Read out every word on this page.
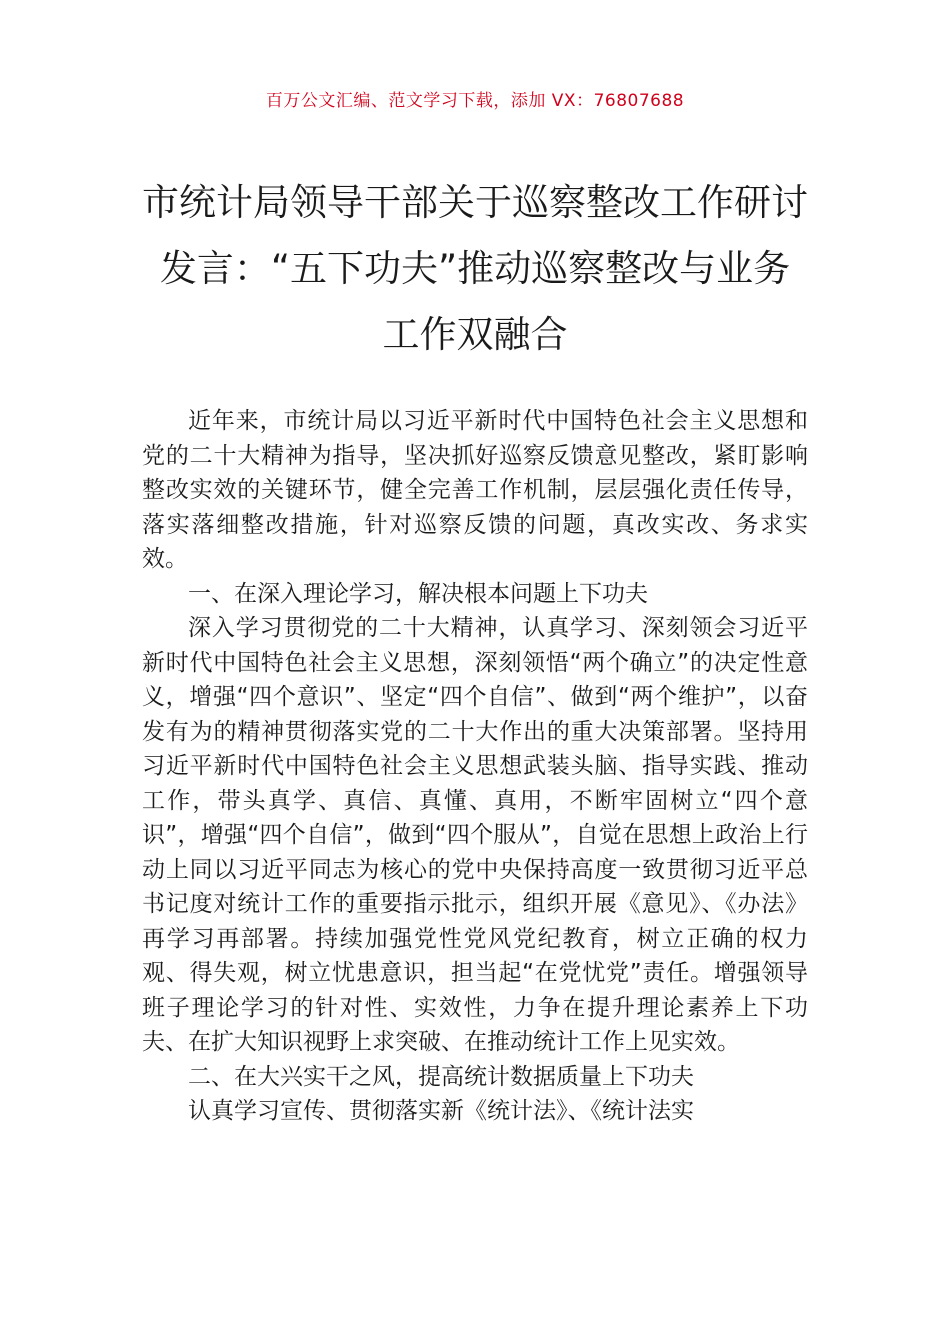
百万公文汇编、范文学习下载，添加 VX：76807688
市统计局领导干部关于巡察整改工作研讨
发言：“五下功夫”推动巡察整改与业务
工作双融合

近年来，市统计局以习近平新时代中国特色社会主义思想和党的二十大精神为指导，坚决抓好巡察反馈意见整改，紧盯影响整改实效的关键环节，健全完善工作机制，层层强化责任传导，落实落细整改措施，针对巡察反馈的问题，真改实改、务求实效。

一、在深入理论学习，解决根本问题上下功夫

深入学习贯彻党的二十大精神，认真学习、深刻领会习近平新时代中国特色社会主义思想，深刻领悟“两个确立”的决定性意义，增强“四个意识”、坚定“四个自信”、做到“两个维护”，以奋发有为的精神贯彻落实党的二十大作出的重大决策部署。坚持用习近平新时代中国特色社会主义思想武装头脑、指导实践、推动工作，带头真学、真信、真懂、真用，不断牢固树立“四个意识”，增强“四个自信”，做到“四个服从”，自觉在思想上政治上行动上同以习近平同志为核心的党中央保持高度一致贯彻习近平总书记度对统计工作的重要指示批示，组织开展《意见》、《办法》再学习再部署。持续加强党性党风党纪教育，树立正确的权力观、得失观，树立忧患意识，担当起“在党忧党”责任。增强领导班子理论学习的针对性、实效性，力争在提升理论素养上下功夫、在扩大知识视野上求突破、在推动统计工作上见实效。

二、在大兴实干之风，提高统计数据质量上下功夫

认真学习宣传、贯彻落实新《统计法》、《统计法实
